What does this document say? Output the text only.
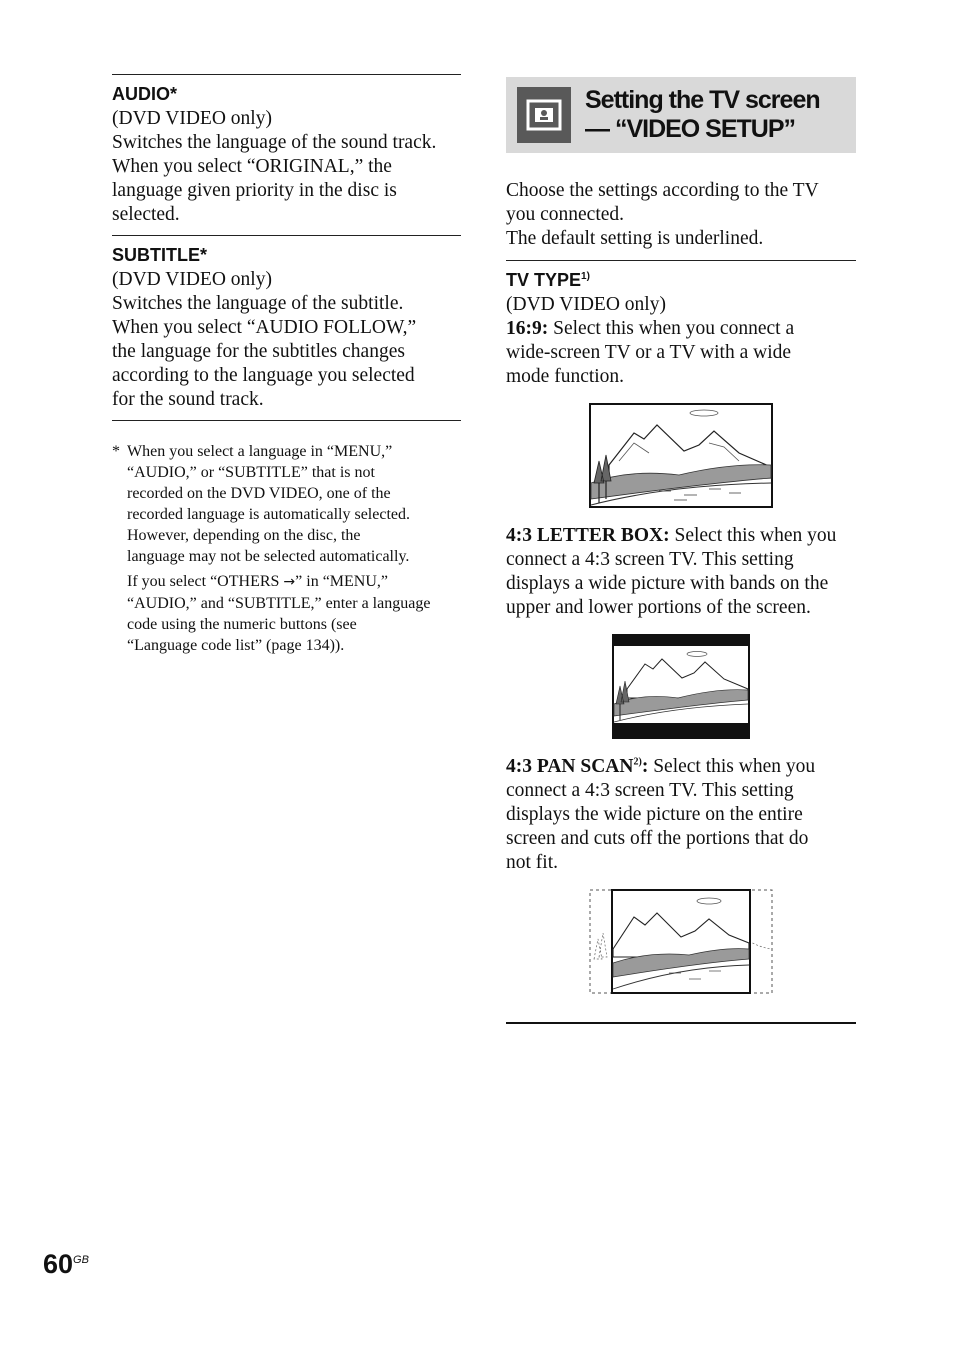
AUDIO*

(DVD VIDEO only)

Switches the language of the sound track.

When you select “ORIGINAL,” the

language given priority in the disc is

selected.

SUBTITLE*

(DVD VIDEO only)

Switches the language of the subtitle.

When you select “AUDIO FOLLOW,”

the language for the subtitles changes

according to the language you selected

for the sound track.

* When you select a language in “MENU,”
“AUDIO,” or “SUBTITLE” that is not
recorded on the DVD VIDEO, one of the
recorded language is automatically selected.
However, depending on the disc, the
language may not be selected automatically.

If you select “OTHERS →” in “MENU,”
“AUDIO,” and “SUBTITLE,” enter a language
code using the numeric buttons (see
“Language code list” (page 134)).

Setting the TV screen
— “VIDEO SETUP”

Choose the settings according to the TV

you connected.

The default setting is underlined.

TV TYPE$^{1)}$

(DVD VIDEO only)

16:9: Select this when you connect a

wide-screen TV or a TV with a wide

mode function.

4:3 LETTER BOX: Select this when you

connect a 4:3 screen TV. This setting

displays a wide picture with bands on the

upper and lower portions of the screen.

4:3 PAN SCAN$^{2)}$: Select this when you

connect a 4:3 screen TV. This setting

displays the wide picture on the entire

screen and cuts off the portions that do

not fit.

$60^{GB}$
